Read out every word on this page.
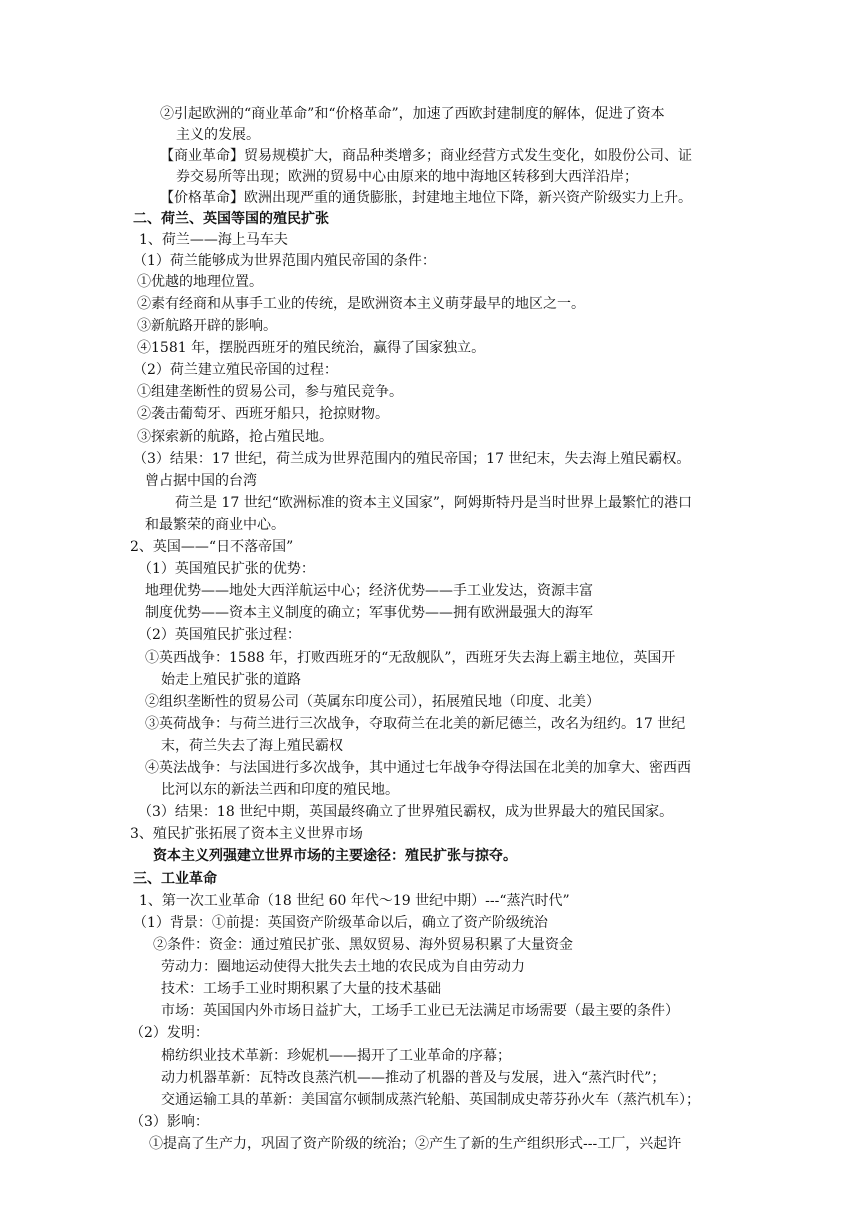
②引起欧洲的“商业革命”和“价格革命”，加速了西欧封建制度的解体，促进了资本
主义的发展。
【商业革命】贸易规模扩大，商品种类增多；商业经营方式发生变化，如股份公司、证
券交易所等出现；欧洲的贸易中心由原来的地中海地区转移到大西洋沿岸；
【价格革命】欧洲出现严重的通货膨胀，封建地主地位下降，新兴资产阶级实力上升。
二、荷兰、英国等国的殖民扩张
1、荷兰——海上马车夫
（1）荷兰能够成为世界范围内殖民帝国的条件：
①优越的地理位置。
②素有经商和从事手工业的传统，是欧洲资本主义萌芽最早的地区之一。
③新航路开辟的影响。
④1581 年，摆脱西班牙的殖民统治，赢得了国家独立。
（2）荷兰建立殖民帝国的过程：
①组建垄断性的贸易公司，参与殖民竞争。
②袭击葡萄牙、西班牙船只，抢掠财物。
③探索新的航路，抢占殖民地。
（3）结果：17 世纪，荷兰成为世界范围内的殖民帝国；17 世纪末，失去海上殖民霸权。
曾占据中国的台湾
荷兰是 17 世纪“欧洲标准的资本主义国家”，阿姆斯特丹是当时世界上最繁忙的港口
和最繁荣的商业中心。
2、英国——“日不落帝国”
（1）英国殖民扩张的优势：
地理优势——地处大西洋航运中心；经济优势——手工业发达，资源丰富
制度优势——资本主义制度的确立；军事优势——拥有欧洲最强大的海军
（2）英国殖民扩张过程：
①英西战争：1588 年，打败西班牙的“无敌舰队”，西班牙失去海上霸主地位，英国开
始走上殖民扩张的道路
②组织垄断性的贸易公司（英属东印度公司），拓展殖民地（印度、北美）
③英荷战争：与荷兰进行三次战争，夺取荷兰在北美的新尼德兰，改名为纽约。17 世纪
末，荷兰失去了海上殖民霸权
④英法战争：与法国进行多次战争，其中通过七年战争夺得法国在北美的加拿大、密西西
比河以东的新法兰西和印度的殖民地。
（3）结果：18 世纪中期，英国最终确立了世界殖民霸权，成为世界最大的殖民国家。
3、殖民扩张拓展了资本主义世界市场
资本主义列强建立世界市场的主要途径：殖民扩张与掠夺。
三、工业革命
1、第一次工业革命（18 世纪 60 年代～19 世纪中期）---“蒸汽时代”
（1）背景：①前提：英国资产阶级革命以后，确立了资产阶级统治
②条件：资金：通过殖民扩张、黑奴贸易、海外贸易积累了大量资金
劳动力：圈地运动使得大批失去土地的农民成为自由劳动力
技术：工场手工业时期积累了大量的技术基础
市场：英国国内外市场日益扩大，工场手工业已无法满足市场需要（最主要的条件）
（2）发明：
棉纺织业技术革新：珍妮机——揭开了工业革命的序幕；
动力机器革新：瓦特改良蒸汽机——推动了机器的普及与发展，进入“蒸汽时代”；
交通运输工具的革新：美国富尔顿制成蒸汽轮船、英国制成史蒂芬孙火车（蒸汽机车）；
（3）影响：
①提高了生产力，巩固了资产阶级的统治；②产生了新的生产组织形式---工厂，兴起许
